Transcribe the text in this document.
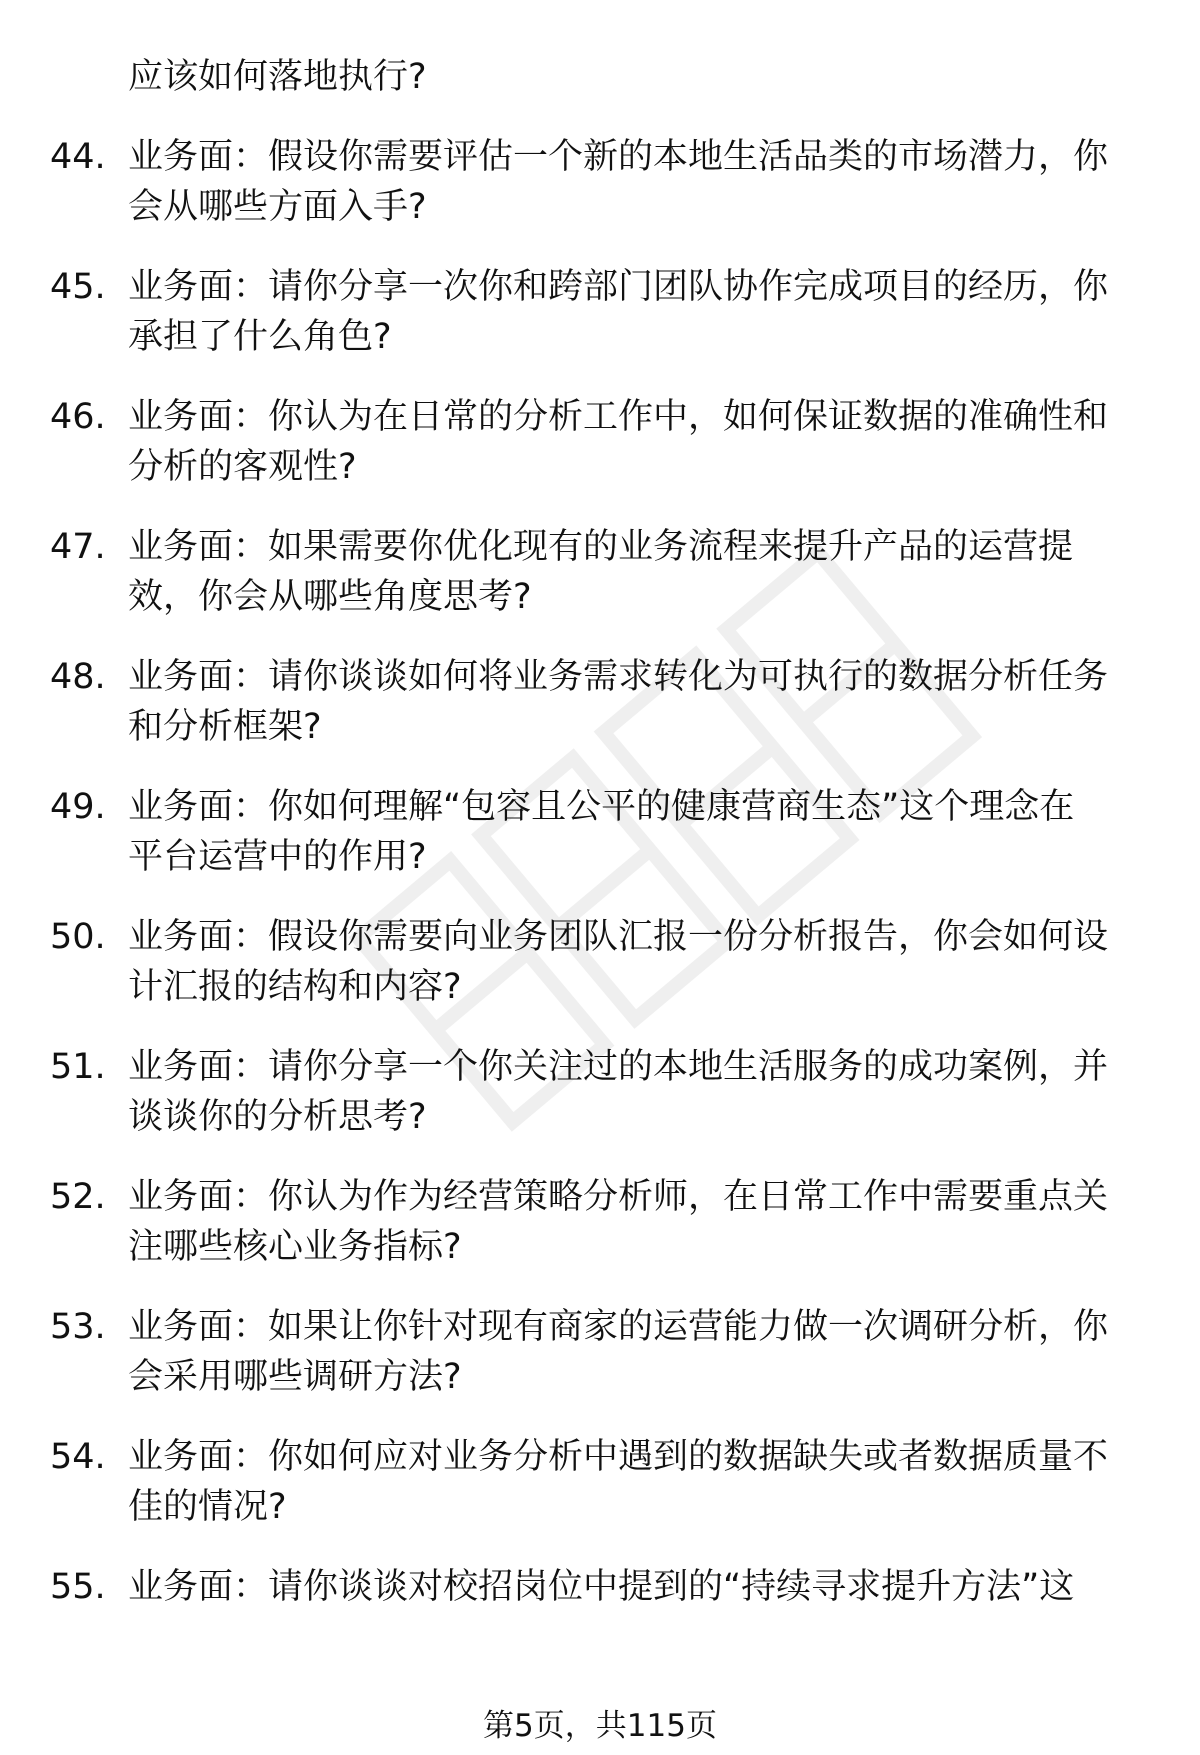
应该如何落地执行?
44. 业务面：假设你需要评估一个新的本地生活品类的市场潜力，你
会从哪些方面入手?
45. 业务面：请你分享一次你和跨部门团队协作完成项目的经历，你
承担了什么角色?
46. 业务面：你认为在日常的分析工作中，如何保证数据的准确性和
分析的客观性?
47. 业务面：如果需要你优化现有的业务流程来提升产品的运营提
效，你会从哪些角度思考?
48. 业务面：请你谈谈如何将业务需求转化为可执行的数据分析任务
和分析框架?
49. 业务面：你如何理解“包容且公平的健康营商生态”这个理念在
平台运营中的作用?
50. 业务面：假设你需要向业务团队汇报一份分析报告，你会如何设
计汇报的结构和内容?
51. 业务面：请你分享一个你关注过的本地生活服务的成功案例，并
谈谈你的分析思考?
52. 业务面：你认为作为经营策略分析师，在日常工作中需要重点关
注哪些核心业务指标?
53. 业务面：如果让你针对现有商家的运营能力做一次调研分析，你
会采用哪些调研方法?
54. 业务面：你如何应对业务分析中遇到的数据缺失或者数据质量不
佳的情况?
55. 业务面：请你谈谈对校招岗位中提到的“持续寻求提升方法”这
第5页，共115页
